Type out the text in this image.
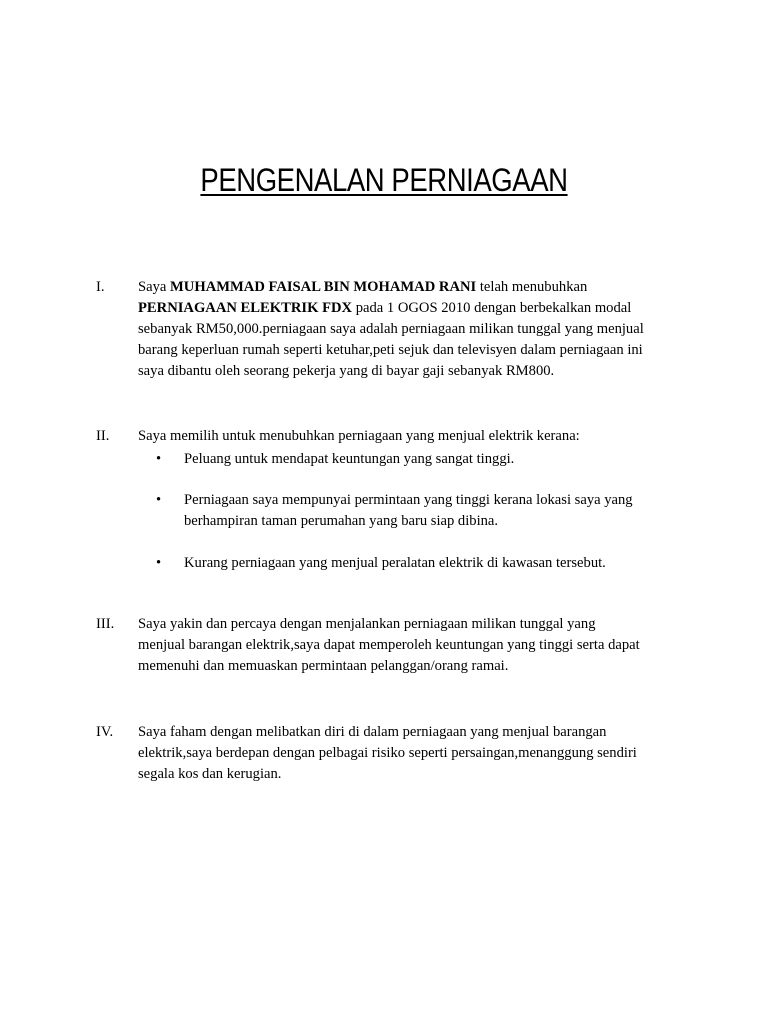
PENGENALAN PERNIAGAAN
I.	Saya MUHAMMAD FAISAL BIN MOHAMAD RANI telah menubuhkan
PERNIAGAAN ELEKTRIK FDX pada 1 OGOS 2010 dengan berbekalkan modal
sebanyak RM50,000.perniagaan saya adalah perniagaan milikan tunggal yang menjual
barang keperluan rumah seperti ketuhar,peti sejuk dan televisyen dalam perniagaan ini
saya dibantu oleh seorang pekerja yang di bayar gaji sebanyak RM800.
II.	Saya memilih untuk menubuhkan perniagaan yang menjual elektrik kerana:
• Peluang untuk mendapat keuntungan yang sangat tinggi.
• Perniagaan saya mempunyai permintaan yang tinggi kerana lokasi saya yang
berhampiran taman perumahan yang baru siap dibina.
• Kurang perniagaan yang menjual peralatan elektrik di kawasan tersebut.
III.	Saya yakin dan percaya dengan menjalankan perniagaan milikan tunggal yang
menjual barangan elektrik,saya dapat memperoleh keuntungan yang tinggi serta dapat
memenuhi dan memuaskan permintaan pelanggan/orang ramai.
IV.	Saya faham dengan melibatkan diri di dalam perniagaan yang menjual barangan
elektrik,saya berdepan dengan pelbagai risiko seperti persaingan,menanggung sendiri
segala kos dan kerugian.
